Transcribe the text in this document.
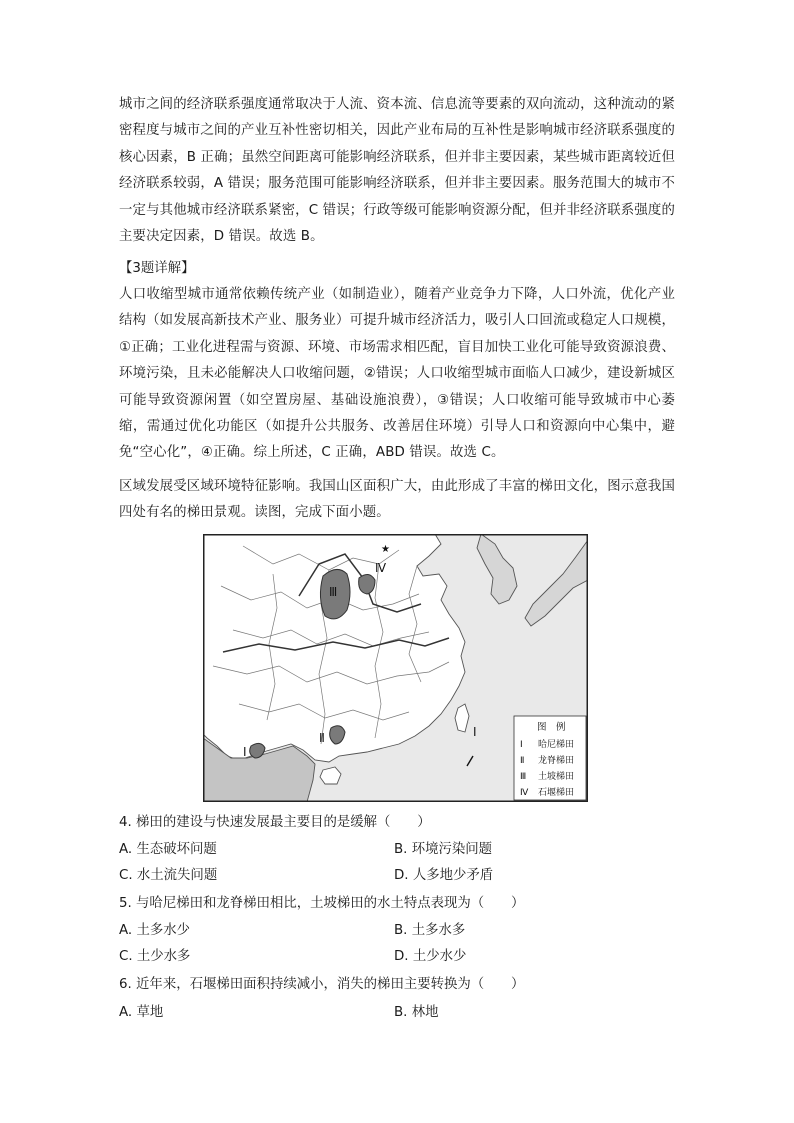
城市之间的经济联系强度通常取决于人流、资本流、信息流等要素的双向流动，这种流动的紧密程度与城市之间的产业互补性密切相关，因此产业布局的互补性是影响城市经济联系强度的核心因素，B 正确；虽然空间距离可能影响经济联系，但并非主要因素，某些城市距离较近但经济联系较弱，A 错误；服务范围可能影响经济联系，但并非主要因素。服务范围大的城市不一定与其他城市经济联系紧密，C 错误；行政等级可能影响资源分配，但并非经济联系强度的主要决定因素，D 错误。故选 B。

【3题详解】

人口收缩型城市通常依赖传统产业（如制造业），随着产业竞争力下降，人口外流，优化产业结构（如发展高新技术产业、服务业）可提升城市经济活力，吸引人口回流或稳定人口规模，①正确；工业化进程需与资源、环境、市场需求相匹配，盲目加快工业化可能导致资源浪费、环境污染，且未必能解决人口收缩问题，②错误；人口收缩型城市面临人口减少，建设新城区可能导致资源闲置（如空置房屋、基础设施浪费），③错误；人口收缩可能导致城市中心萎缩，需通过优化功能区（如提升公共服务、改善居住环境）引导人口和资源向中心集中，避免“空心化”，④正确。综上所述，C 正确，ABD 错误。故选 C。

区域发展受区域环境特征影响。我国山区面积广大，由此形成了丰富的梯田文化，图示意我国四处有名的梯田景观。读图，完成下面小题。

★
Ⅲ
Ⅳ
Ⅱ
Ⅰ
Ⅰ	图　例
Ⅰ 哈尼梯田
Ⅱ 龙脊梯田
Ⅲ 土坡梯田
Ⅳ 石堰梯田

4. 梯田的建设与快速发展最主要目的是缓解（　　）

A. 生态破坏问题	B. 环境污染问题
C. 水土流失问题	D. 人多地少矛盾

5. 与哈尼梯田和龙脊梯田相比，土坡梯田的水土特点表现为（　　）

A. 土多水少	B. 土多水多
C. 土少水多	D. 土少水少

6. 近年来，石堰梯田面积持续减小，消失的梯田主要转换为（　　）

A. 草地	B. 林地
